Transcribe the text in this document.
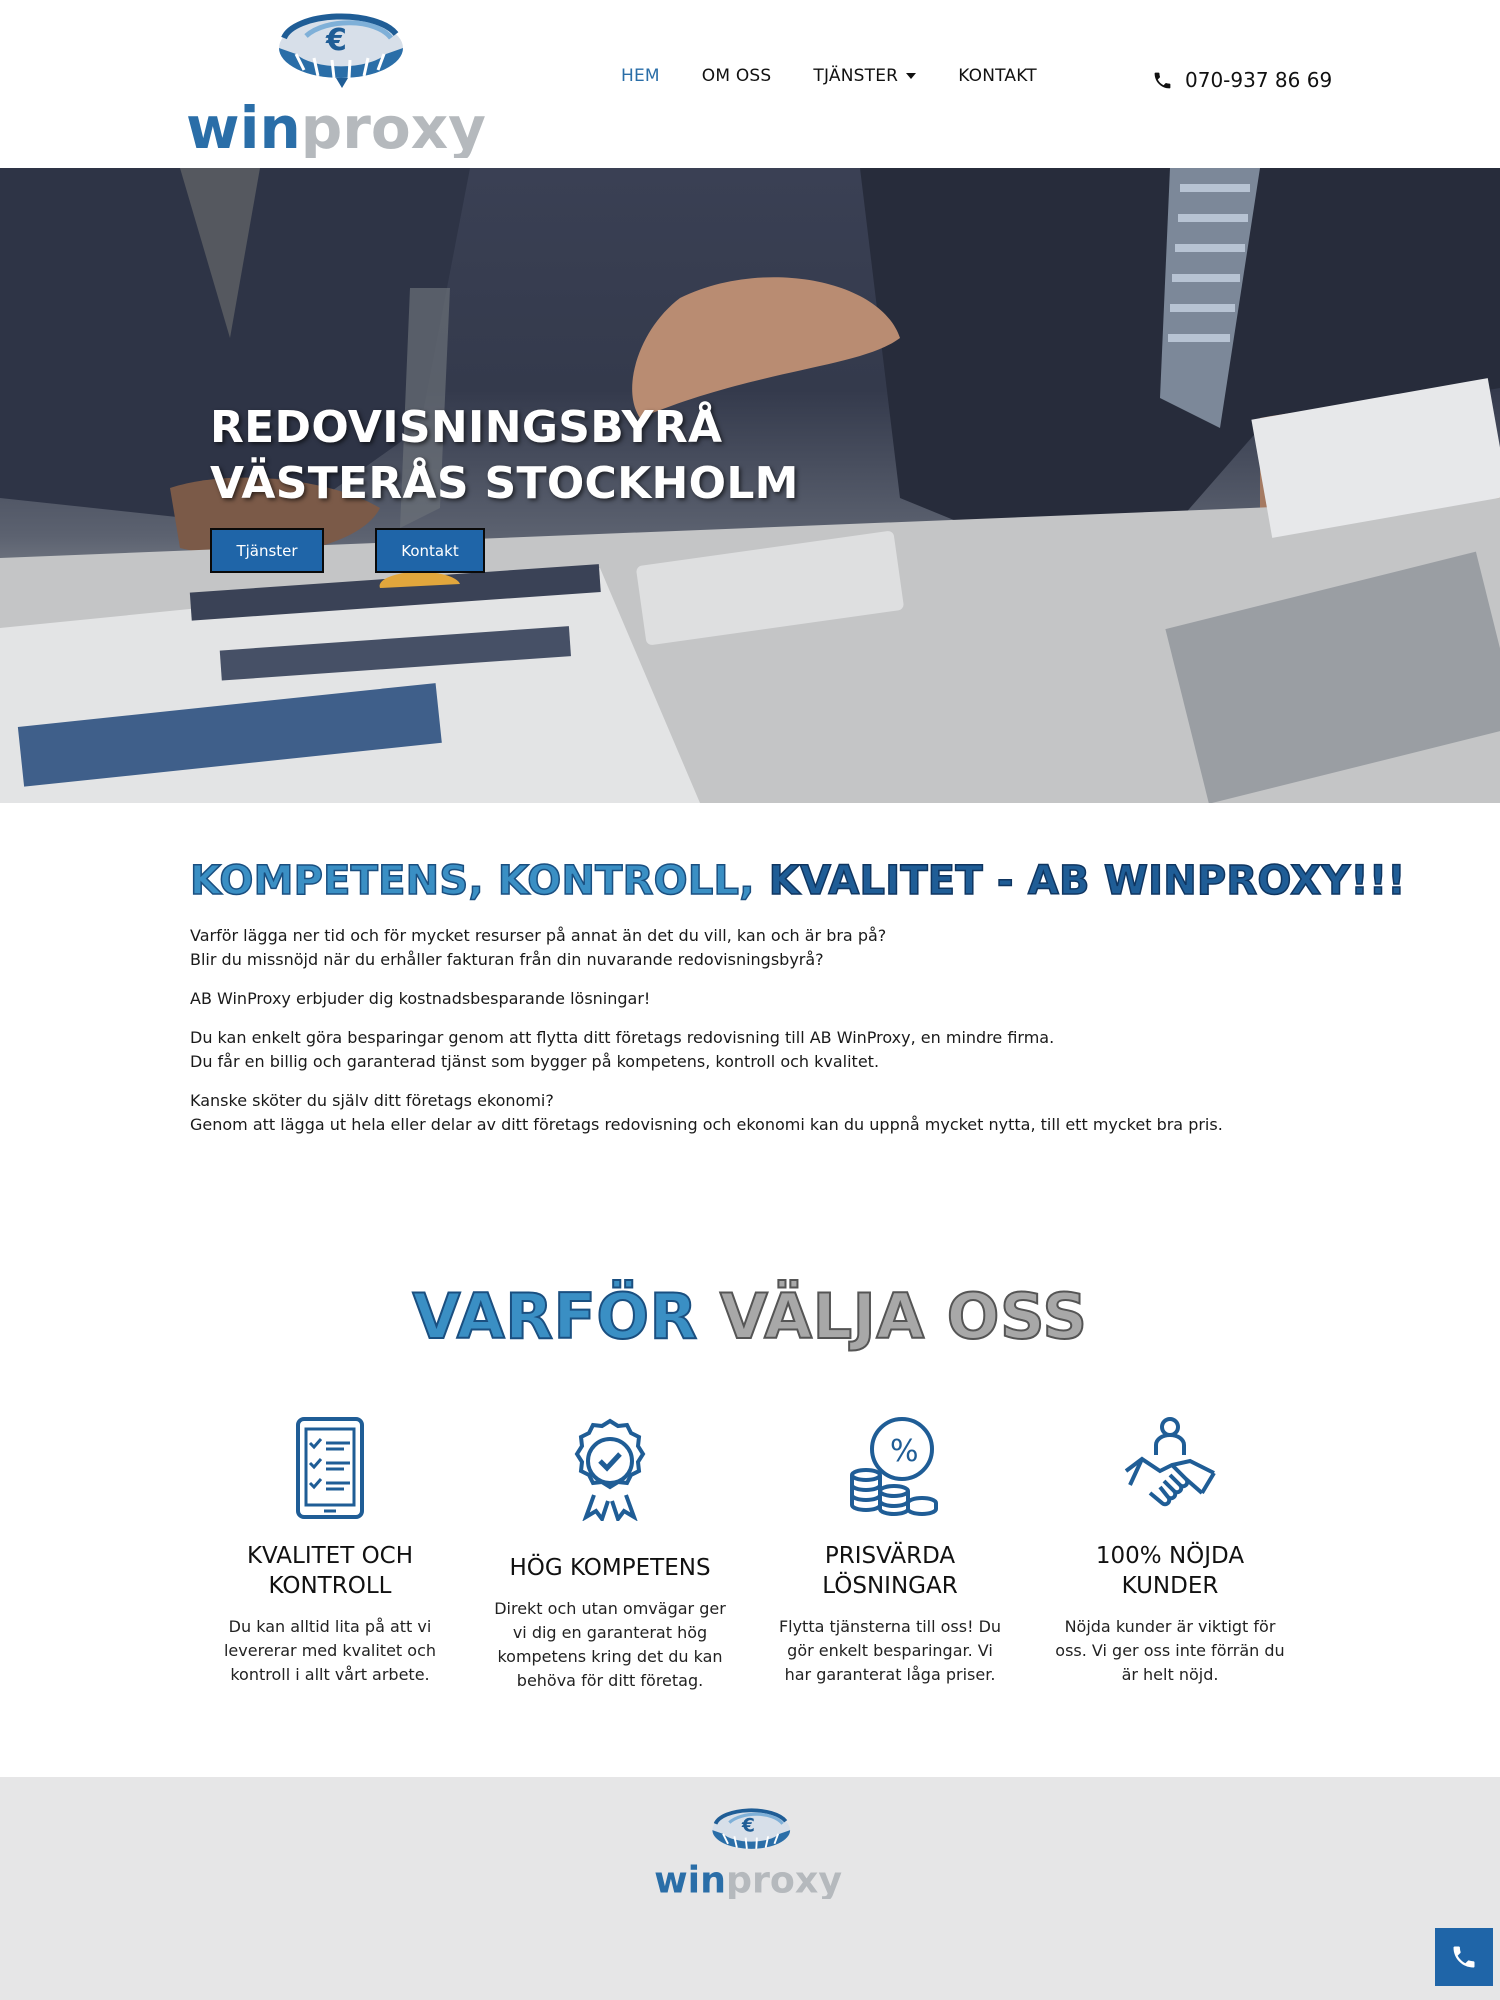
€
winproxy
HEM OM OSS TJÄNSTER	KONTAKT	070-937 86 69
REDOVISNINGSBYRÅ
VÄSTERÅS STOCKHOLM
Tjänster	Kontakt
KOMPETENS, KONTROLL, KVALITET - AB WINPROXY!!!

Varför lägga ner tid och för mycket resurser på annat än det du vill, kan och är bra på?
Blir du missnöjd när du erhåller fakturan från din nuvarande redovisningsbyrå?

AB WinProxy erbjuder dig kostnadsbesparande lösningar!

Du kan enkelt göra besparingar genom att flytta ditt företags redovisning till AB WinProxy, en mindre firma.
Du får en billig och garanterad tjänst som bygger på kompetens, kontroll och kvalitet.

Kanske sköter du själv ditt företags ekonomi?
Genom att lägga ut hela eller delar av ditt företags redovisning och ekonomi kan du uppnå mycket nytta, till ett mycket bra pris.

VARFÖR VÄLJA OSS
KVALITET OCH
KONTROLL

Du kan alltid lita på att vi
levererar med kvalitet och
kontroll i allt vårt arbete.

HÖG KOMPETENS

Direkt och utan omvägar ger
vi dig en garanterat hög
kompetens kring det du kan
behöva för ditt företag.

%
PRISVÄRDA
LÖSNINGAR

Flytta tjänsterna till oss! Du
gör enkelt besparingar. Vi
har garanterat låga priser.

100% NÖJDA
KUNDER

Nöjda kunder är viktigt för
oss. Vi ger oss inte förrän du
är helt nöjd.

€
winproxy
